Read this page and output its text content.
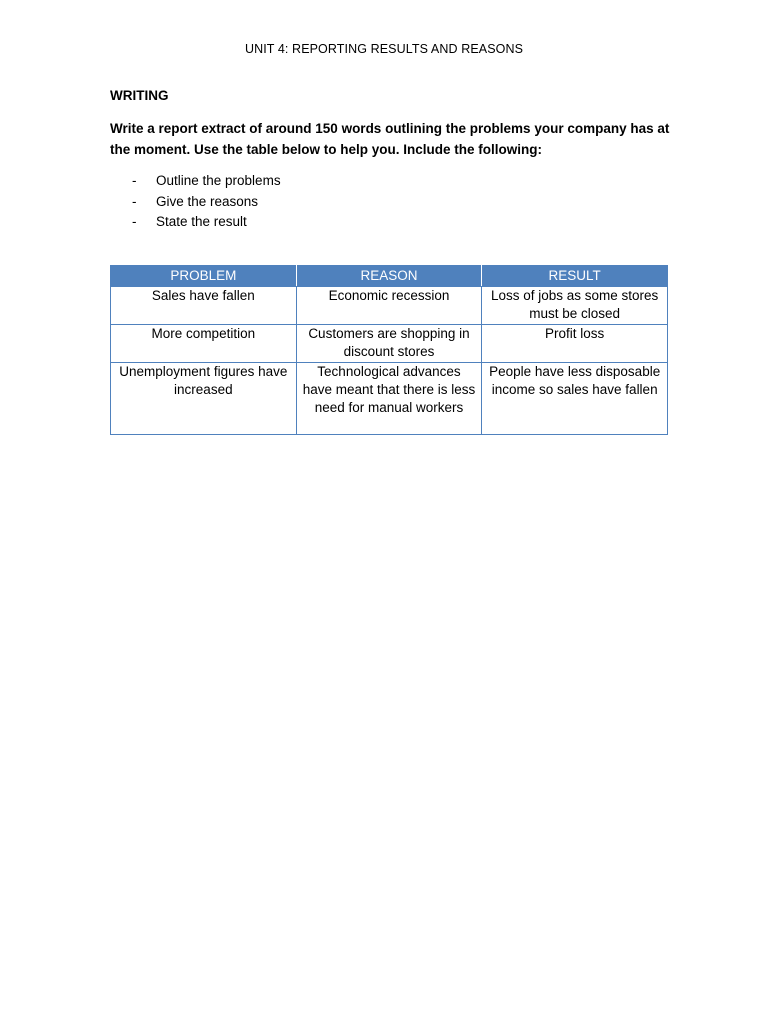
UNIT 4: REPORTING RESULTS AND REASONS
WRITING

Write a report extract of around 150 words outlining the problems your company has at the moment. Use the table below to help you. Include the following:

- Outline the problems
- Give the reasons
- State the result
PROBLEM	REASON	RESULT
Sales have fallen	Economic recession	Loss of jobs as some stores must be closed
More competition	Customers are shopping in discount stores	Profit loss
Unemployment figures have increased	Technological advances have meant that there is less need for manual workers	People have less disposable income so sales have fallen
